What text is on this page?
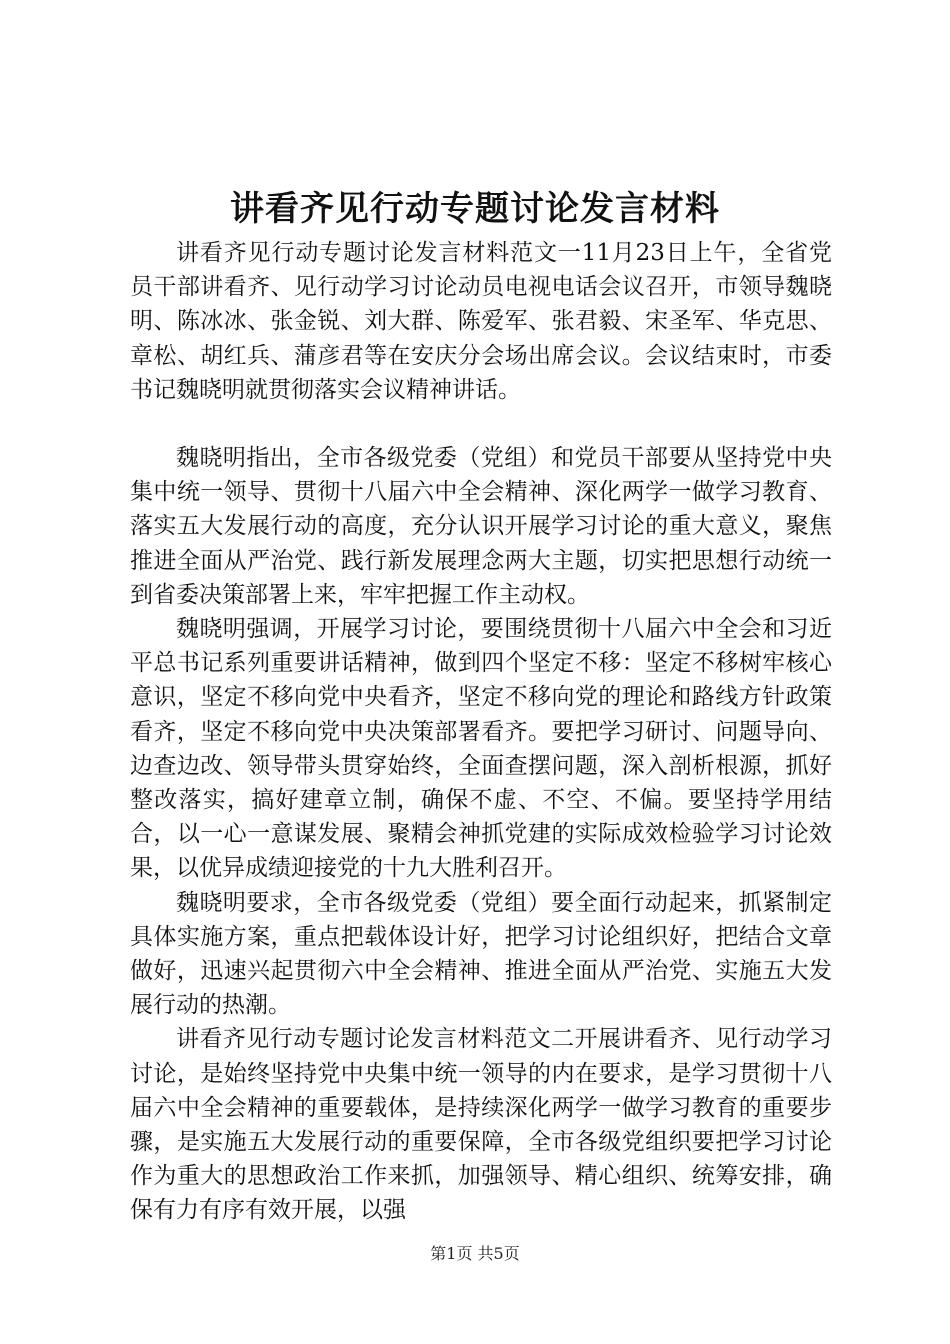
讲看齐见行动专题讨论发言材料

讲看齐见行动专题讨论发言材料范文一11月23日上午，全省党员干部讲看齐、见行动学习讨论动员电视电话会议召开，市领导魏晓明、陈冰冰、张金锐、刘大群、陈爱军、张君毅、宋圣军、华克思、章松、胡红兵、蒲彦君等在安庆分会场出席会议。会议结束时，市委书记魏晓明就贯彻落实会议精神讲话。

魏晓明指出，全市各级党委（党组）和党员干部要从坚持党中央集中统一领导、贯彻十八届六中全会精神、深化两学一做学习教育、落实五大发展行动的高度，充分认识开展学习讨论的重大意义，聚焦推进全面从严治党、践行新发展理念两大主题，切实把思想行动统一到省委决策部署上来，牢牢把握工作主动权。

魏晓明强调，开展学习讨论，要围绕贯彻十八届六中全会和习近平总书记系列重要讲话精神，做到四个坚定不移：坚定不移树牢核心意识，坚定不移向党中央看齐，坚定不移向党的理论和路线方针政策看齐，坚定不移向党中央决策部署看齐。要把学习研讨、问题导向、边查边改、领导带头贯穿始终，全面查摆问题，深入剖析根源，抓好整改落实，搞好建章立制，确保不虚、不空、不偏。要坚持学用结合，以一心一意谋发展、聚精会神抓党建的实际成效检验学习讨论效果，以优异成绩迎接党的十九大胜利召开。

魏晓明要求，全市各级党委（党组）要全面行动起来，抓紧制定具体实施方案，重点把载体设计好，把学习讨论组织好，把结合文章做好，迅速兴起贯彻六中全会精神、推进全面从严治党、实施五大发展行动的热潮。

讲看齐见行动专题讨论发言材料范文二开展讲看齐、见行动学习讨论，是始终坚持党中央集中统一领导的内在要求，是学习贯彻十八届六中全会精神的重要载体，是持续深化两学一做学习教育的重要步骤，是实施五大发展行动的重要保障，全市各级党组织要把学习讨论作为重大的思想政治工作来抓，加强领导、精心组织、统筹安排，确保有力有序有效开展，以强

第1页 共5页
